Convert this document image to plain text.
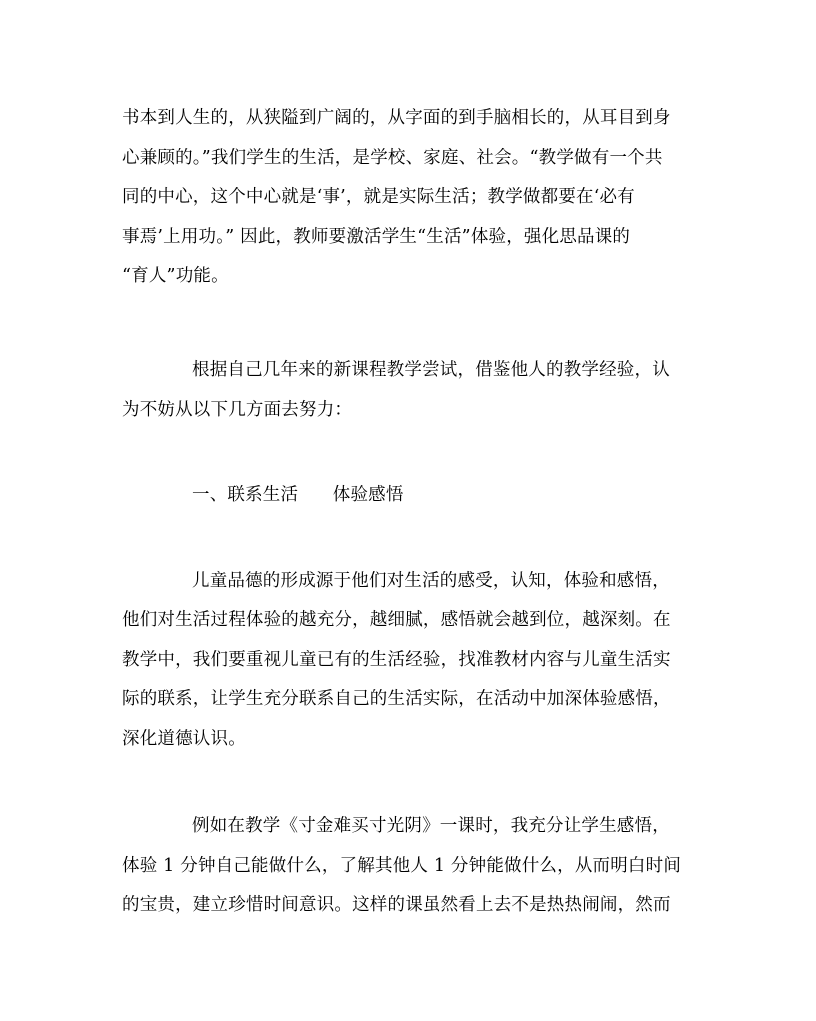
书本到人生的，从狭隘到广阔的，从字面的到手脑相长的，从耳目到身
心兼顾的。”我们学生的生活，是学校、家庭、社会。“教学做有一个共
同的中心，这个中心就是‘事’，就是实际生活；教学做都要在‘必有
事焉’上用功。” 因此，教师要激活学生“生活”体验，强化思品课的
“育人”功能。
根据自己几年来的新课程教学尝试，借鉴他人的教学经验，认
为不妨从以下几方面去努力：
一、联系生活      体验感悟
儿童品德的形成源于他们对生活的感受，认知，体验和感悟，
他们对生活过程体验的越充分，越细腻，感悟就会越到位，越深刻。在
教学中，我们要重视儿童已有的生活经验，找准教材内容与儿童生活实
际的联系，让学生充分联系自己的生活实际，在活动中加深体验感悟，
深化道德认识。
例如在教学《寸金难买寸光阴》一课时，我充分让学生感悟，
体验 1 分钟自己能做什么，了解其他人 1 分钟能做什么，从而明白时间
的宝贵，建立珍惜时间意识。这样的课虽然看上去不是热热闹闹，然而
